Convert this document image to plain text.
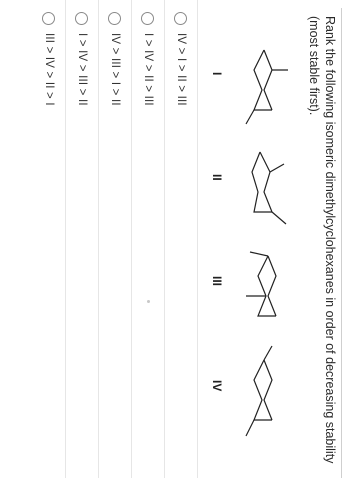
Rank the following isomeric dimethylcyclohexanes in order of decreasing stability (most stable first).
I
II
III
IV
IV > I > II > III
I > IV > II > III
IV > III > I > II
I > IV > III > II
III > IV > II > I
